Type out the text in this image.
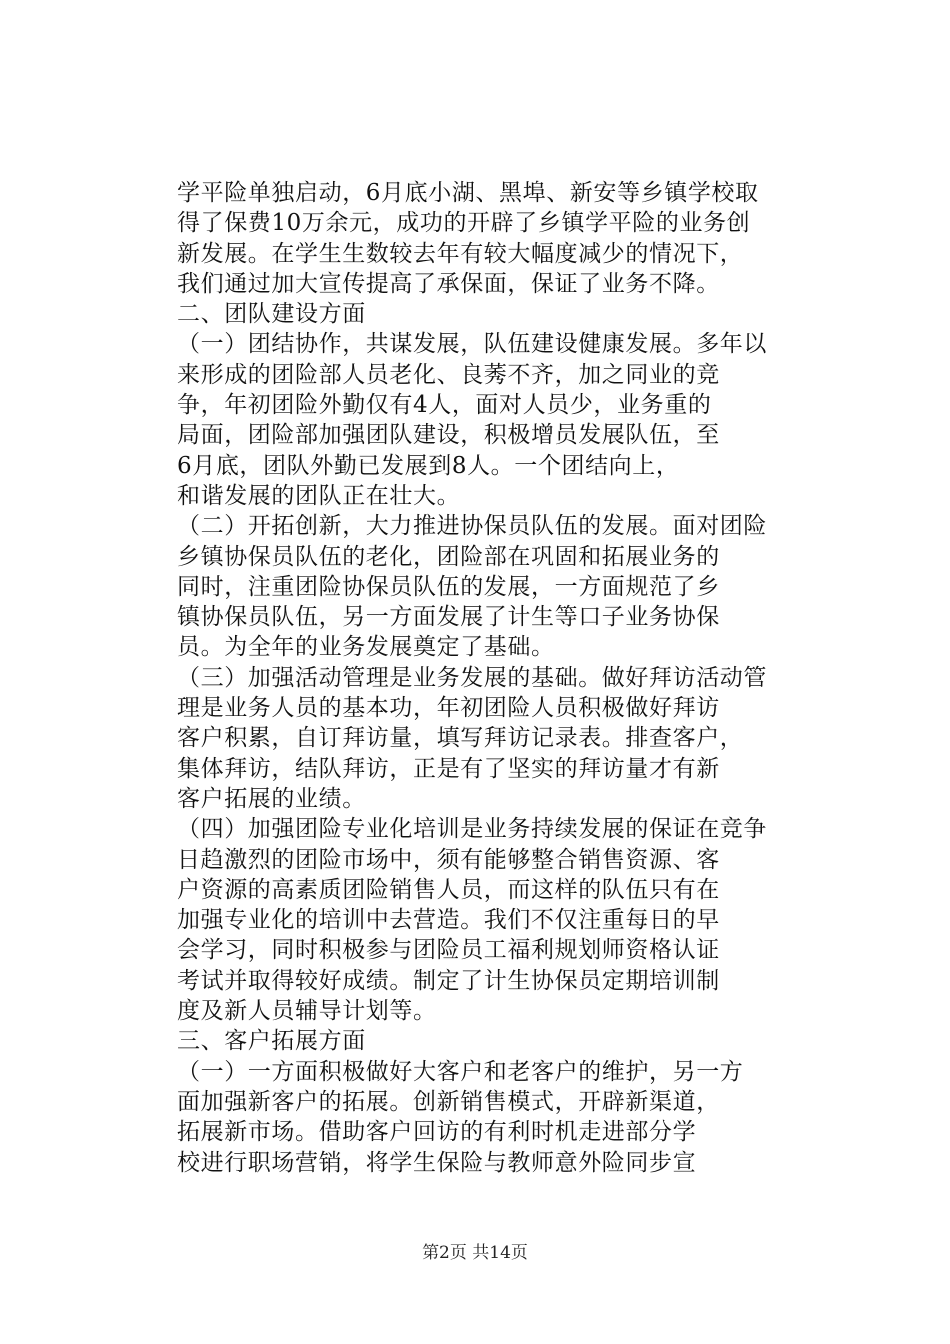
学平险单独启动，6月底小湖、黑埠、新安等乡镇学校取
得了保费10万余元，成功的开辟了乡镇学平险的业务创
新发展。在学生生数较去年有较大幅度减少的情况下，
我们通过加大宣传提高了承保面，保证了业务不降。
二、团队建设方面
（一）团结协作，共谋发展，队伍建设健康发展。多年以
来形成的团险部人员老化、良莠不齐，加之同业的竞
争，年初团险外勤仅有4人，面对人员少，业务重的
局面，团险部加强团队建设，积极增员发展队伍，至
6月底，团队外勤已发展到8人。一个团结向上，
和谐发展的团队正在壮大。
（二）开拓创新，大力推进协保员队伍的发展。面对团险
乡镇协保员队伍的老化，团险部在巩固和拓展业务的
同时，注重团险协保员队伍的发展，一方面规范了乡
镇协保员队伍，另一方面发展了计生等口子业务协保
员。为全年的业务发展奠定了基础。
（三）加强活动管理是业务发展的基础。做好拜访活动管
理是业务人员的基本功，年初团险人员积极做好拜访
客户积累，自订拜访量，填写拜访记录表。排查客户，
集体拜访，结队拜访，正是有了坚实的拜访量才有新
客户拓展的业绩。
（四）加强团险专业化培训是业务持续发展的保证在竞争
日趋激烈的团险市场中，须有能够整合销售资源、客
户资源的高素质团险销售人员，而这样的队伍只有在
加强专业化的培训中去营造。我们不仅注重每日的早
会学习，同时积极参与团险员工福利规划师资格认证
考试并取得较好成绩。制定了计生协保员定期培训制
度及新人员辅导计划等。
三、客户拓展方面
（一）一方面积极做好大客户和老客户的维护，另一方
面加强新客户的拓展。创新销售模式，开辟新渠道，
拓展新市场。借助客户回访的有利时机走进部分学
校进行职场营销，将学生保险与教师意外险同步宣
第2页 共14页
